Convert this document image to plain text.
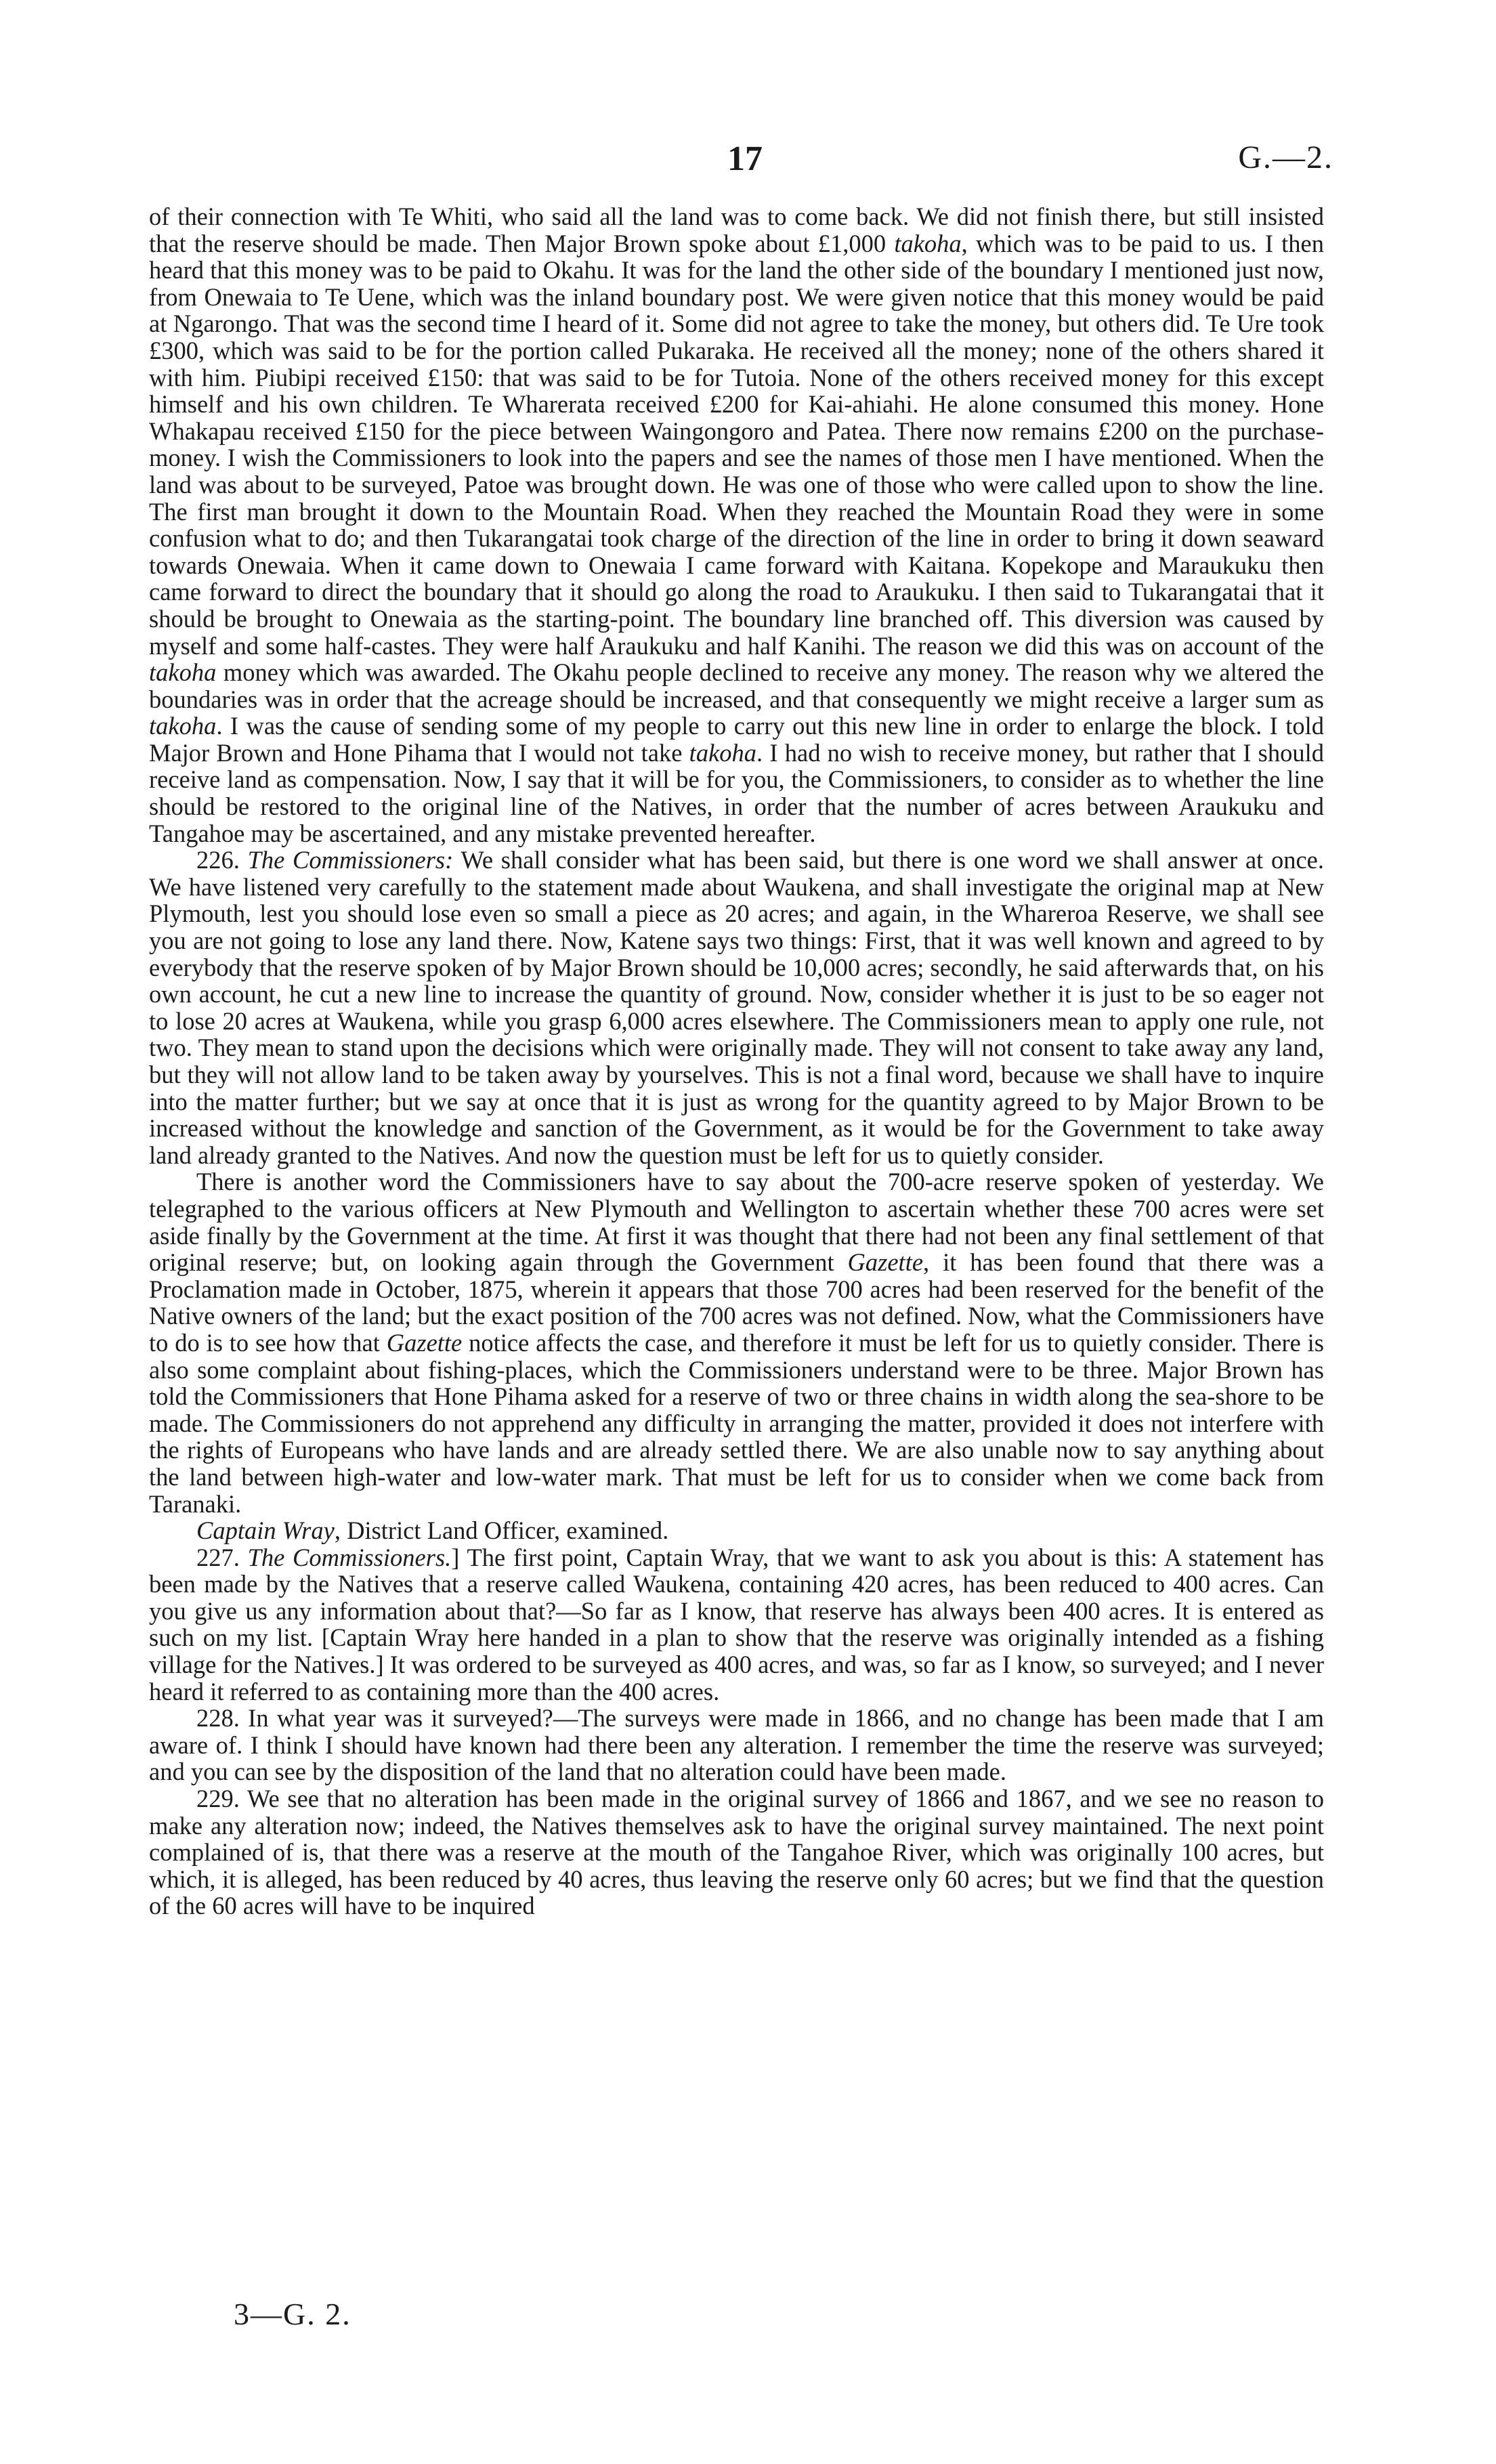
17	G.—2.

of their connection with Te Whiti, who said all the land was to come back. We did not finish there, but still insisted that the reserve should be made. Then Major Brown spoke about £1,000 takoha, which was to be paid to us. I then heard that this money was to be paid to Okahu. It was for the land the other side of the boundary I mentioned just now, from Onewaia to Te Uene, which was the inland boundary post. We were given notice that this money would be paid at Ngarongo. That was the second time I heard of it. Some did not agree to take the money, but others did. Te Ure took £300, which was said to be for the portion called Pukaraka. He received all the money; none of the others shared it with him. Piubipi received £150: that was said to be for Tutoia. None of the others received money for this except himself and his own children. Te Wharerata received £200 for Kai-ahiahi. He alone consumed this money. Hone Whakapau received £150 for the piece between Waingongoro and Patea. There now remains £200 on the purchase-money. I wish the Commissioners to look into the papers and see the names of those men I have mentioned. When the land was about to be surveyed, Patoe was brought down. He was one of those who were called upon to show the line. The first man brought it down to the Mountain Road. When they reached the Mountain Road they were in some confusion what to do; and then Tukarangatai took charge of the direction of the line in order to bring it down seaward towards Onewaia. When it came down to Onewaia I came forward with Kaitana. Kopekope and Maraukuku then came forward to direct the boundary that it should go along the road to Araukuku. I then said to Tukarangatai that it should be brought to Onewaia as the starting-point. The boundary line branched off. This diversion was caused by myself and some half-castes. They were half Araukuku and half Kanihi. The reason we did this was on account of the takoha money which was awarded. The Okahu people declined to receive any money. The reason why we altered the boundaries was in order that the acreage should be increased, and that consequently we might receive a larger sum as takoha. I was the cause of sending some of my people to carry out this new line in order to enlarge the block. I told Major Brown and Hone Pihama that I would not take takoha. I had no wish to receive money, but rather that I should receive land as compensation. Now, I say that it will be for you, the Commissioners, to consider as to whether the line should be restored to the original line of the Natives, in order that the number of acres between Araukuku and Tangahoe may be ascertained, and any mistake prevented hereafter.

226. The Commissioners: We shall consider what has been said, but there is one word we shall answer at once. We have listened very carefully to the statement made about Waukena, and shall investigate the original map at New Plymouth, lest you should lose even so small a piece as 20 acres; and again, in the Whareroa Reserve, we shall see you are not going to lose any land there. Now, Katene says two things: First, that it was well known and agreed to by everybody that the reserve spoken of by Major Brown should be 10,000 acres; secondly, he said afterwards that, on his own account, he cut a new line to increase the quantity of ground. Now, consider whether it is just to be so eager not to lose 20 acres at Waukena, while you grasp 6,000 acres elsewhere. The Commissioners mean to apply one rule, not two. They mean to stand upon the decisions which were originally made. They will not consent to take away any land, but they will not allow land to be taken away by yourselves. This is not a final word, because we shall have to inquire into the matter further; but we say at once that it is just as wrong for the quantity agreed to by Major Brown to be increased without the knowledge and sanction of the Government, as it would be for the Government to take away land already granted to the Natives. And now the question must be left for us to quietly consider.

There is another word the Commissioners have to say about the 700-acre reserve spoken of yesterday. We telegraphed to the various officers at New Plymouth and Wellington to ascertain whether these 700 acres were set aside finally by the Government at the time. At first it was thought that there had not been any final settlement of that original reserve; but, on looking again through the Government Gazette, it has been found that there was a Proclamation made in October, 1875, wherein it appears that those 700 acres had been reserved for the benefit of the Native owners of the land; but the exact position of the 700 acres was not defined. Now, what the Commissioners have to do is to see how that Gazette notice affects the case, and therefore it must be left for us to quietly consider. There is also some complaint about fishing-places, which the Commissioners understand were to be three. Major Brown has told the Commissioners that Hone Pihama asked for a reserve of two or three chains in width along the sea-shore to be made. The Commissioners do not apprehend any difficulty in arranging the matter, provided it does not interfere with the rights of Europeans who have lands and are already settled there. We are also unable now to say anything about the land between high-water and low-water mark. That must be left for us to consider when we come back from Taranaki.

Captain Wray, District Land Officer, examined.

227. The Commissioners.] The first point, Captain Wray, that we want to ask you about is this: A statement has been made by the Natives that a reserve called Waukena, containing 420 acres, has been reduced to 400 acres. Can you give us any information about that?—So far as I know, that reserve has always been 400 acres. It is entered as such on my list. [Captain Wray here handed in a plan to show that the reserve was originally intended as a fishing village for the Natives.] It was ordered to be surveyed as 400 acres, and was, so far as I know, so surveyed; and I never heard it referred to as containing more than the 400 acres.

228. In what year was it surveyed?—The surveys were made in 1866, and no change has been made that I am aware of. I think I should have known had there been any alteration. I remember the time the reserve was surveyed; and you can see by the disposition of the land that no alteration could have been made.

229. We see that no alteration has been made in the original survey of 1866 and 1867, and we see no reason to make any alteration now; indeed, the Natives themselves ask to have the original survey maintained. The next point complained of is, that there was a reserve at the mouth of the Tangahoe River, which was originally 100 acres, but which, it is alleged, has been reduced by 40 acres, thus leaving the reserve only 60 acres; but we find that the question of the 60 acres will have to be inquired

3—G. 2.
